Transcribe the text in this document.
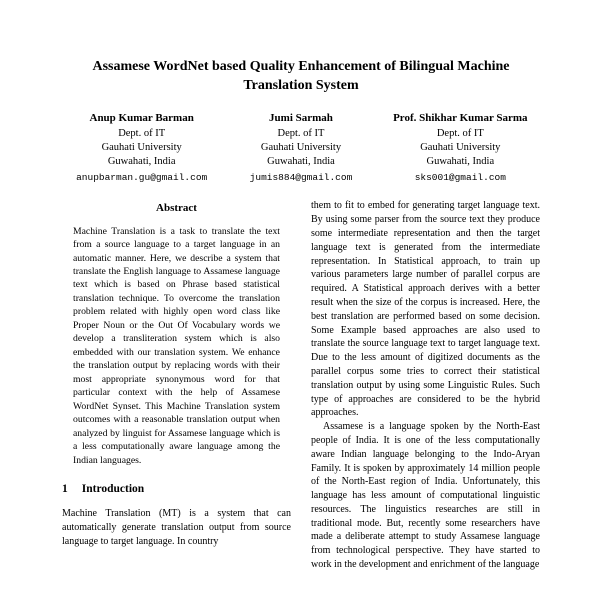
Assamese WordNet based Quality Enhancement of Bilingual Machine Translation System
Anup Kumar Barman
Dept. of IT
Gauhati University
Guwahati, India
anupbarman.gu@gmail.com
Jumi Sarmah
Dept. of IT
Gauhati University
Guwahati, India
jumis884@gmail.com
Prof. Shikhar Kumar Sarma
Dept. of IT
Gauhati University
Guwahati, India
sks001@gmail.com
Abstract

Machine Translation is a task to translate the text from a source language to a target language in an automatic manner. Here, we describe a system that translate the English language to Assamese language text which is based on Phrase based statistical translation technique. To overcome the translation problem related with highly open word class like Proper Noun or the Out Of Vocabulary words we develop a transliteration system which is also embedded with our translation system. We enhance the translation output by replacing words with their most appropriate synonymous word for that particular context with the help of Assamese WordNet Synset. This Machine Translation system outcomes with a reasonable translation output when analyzed by linguist for Assamese language which is a less computationally aware language among the Indian languages.

1 Introduction

Machine Translation (MT) is a system that can automatically generate translation output from source language to target language. In country

them to fit to embed for generating target language text. By using some parser from the source text they produce some intermediate representation and then the target language text is generated from the intermediate representation. In Statistical approach, to train up various parameters large number of parallel corpus are required. A Statistical approach derives with a better result when the size of the corpus is increased. Here, the best translation are performed based on some decision. Some Example based approaches are also used to translate the source language text to target language text. Due to the less amount of digitized documents as the parallel corpus some tries to correct their statistical translation output by using some Linguistic Rules. Such type of approaches are considered to be the hybrid approaches.

Assamese is a language spoken by the North-East people of India. It is one of the less computationally aware Indian language belonging to the Indo-Aryan Family. It is spoken by approximately 14 million people of the North-East region of India. Unfortunately, this language has less amount of computational linguistic resources. The linguistics researches are still in traditional mode. But, recently some researchers have made a deliberate attempt to study Assamese language from technological perspective. They have started to work in the development and enrichment of the language
